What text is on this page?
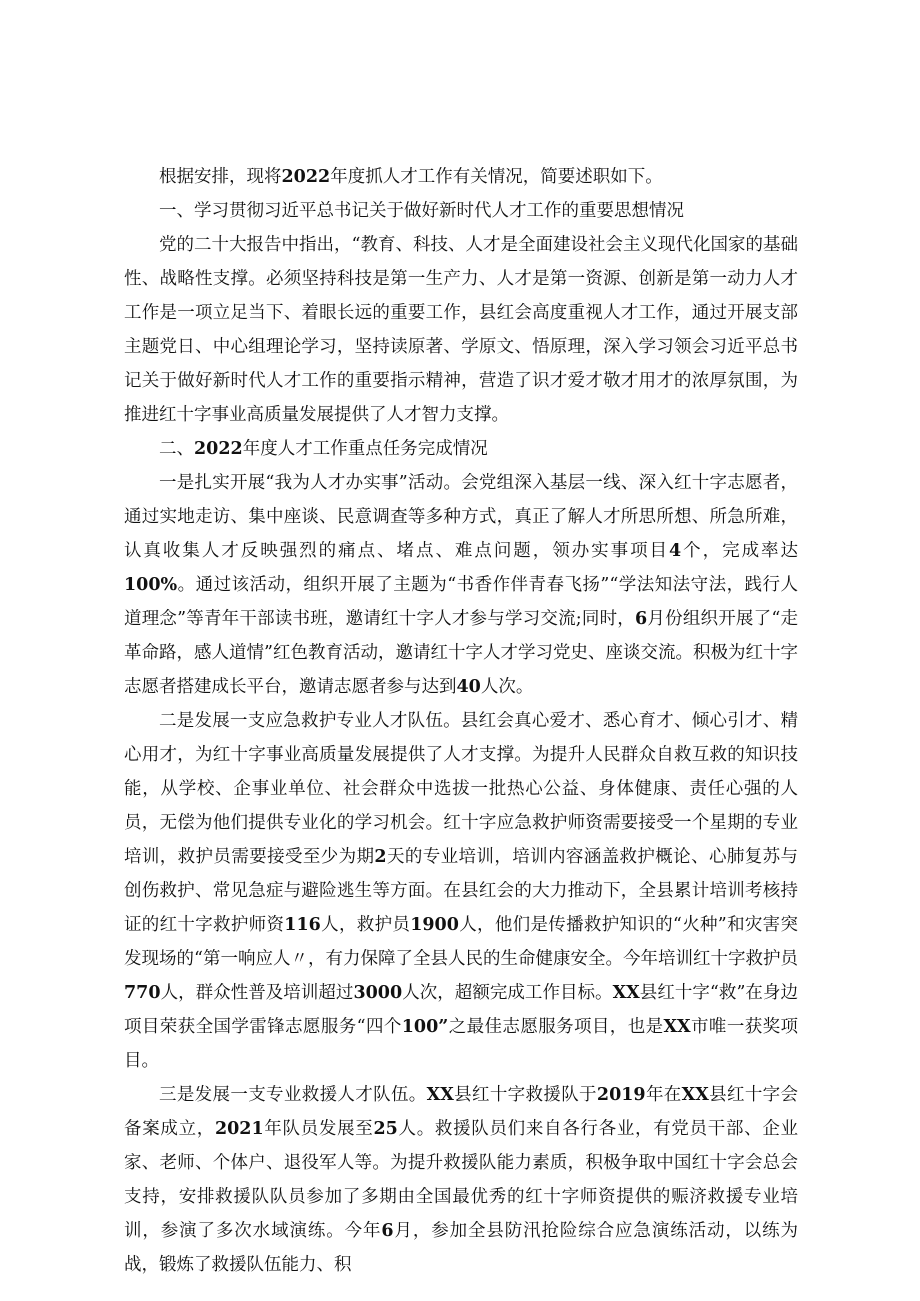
根据安排，现将2022年度抓人才工作有关情况，简要述职如下。

一、学习贯彻习近平总书记关于做好新时代人才工作的重要思想情况

党的二十大报告中指出，“教育、科技、人才是全面建设社会主义现代化国家的基础性、战略性支撑。必须坚持科技是第一生产力、人才是第一资源、创新是第一动力人才工作是一项立足当下、着眼长远的重要工作，县红会高度重视人才工作，通过开展支部主题党日、中心组理论学习，坚持读原著、学原文、悟原理，深入学习领会习近平总书记关于做好新时代人才工作的重要指示精神，营造了识才爱才敬才用才的浓厚氛围，为推进红十字事业高质量发展提供了人才智力支撑。

二、2022年度人才工作重点任务完成情况

一是扎实开展“我为人才办实事”活动。会党组深入基层一线、深入红十字志愿者，通过实地走访、集中座谈、民意调查等多种方式，真正了解人才所思所想、所急所难，认真收集人才反映强烈的痛点、堵点、难点问题，领办实事项目4个，完成率达100%。通过该活动，组织开展了主题为“书香作伴青春飞扬”“学法知法守法，践行人道理念”等青年干部读书班，邀请红十字人才参与学习交流;同时，6月份组织开展了“走革命路，感人道情”红色教育活动，邀请红十字人才学习党史、座谈交流。积极为红十字志愿者搭建成长平台，邀请志愿者参与达到40人次。

二是发展一支应急救护专业人才队伍。县红会真心爱才、悉心育才、倾心引才、精心用才，为红十字事业高质量发展提供了人才支撑。为提升人民群众自救互救的知识技能，从学校、企事业单位、社会群众中选拔一批热心公益、身体健康、责任心强的人员，无偿为他们提供专业化的学习机会。红十字应急救护师资需要接受一个星期的专业培训，救护员需要接受至少为期2天的专业培训，培训内容涵盖救护概论、心肺复苏与创伤救护、常见急症与避险逃生等方面。在县红会的大力推动下，全县累计培训考核持证的红十字救护师资116人，救护员1900人，他们是传播救护知识的“火种”和灾害突发现场的“第一响应人〃，有力保障了全县人民的生命健康安全。今年培训红十字救护员770人，群众性普及培训超过3000人次，超额完成工作目标。XX县红十字“救”在身边项目荣获全国学雷锋志愿服务“四个100”之最佳志愿服务项目，也是XX市唯一获奖项目。

三是发展一支专业救援人才队伍。XX县红十字救援队于2019年在XX县红十字会备案成立，2021年队员发展至25人。救援队员们来自各行各业，有党员干部、企业家、老师、个体户、退役军人等。为提升救援队能力素质，积极争取中国红十字会总会支持，安排救援队队员参加了多期由全国最优秀的红十字师资提供的赈济救援专业培训，参演了多次水域演练。今年6月，参加全县防汛抢险综合应急演练活动，以练为战，锻炼了救援队伍能力、积
